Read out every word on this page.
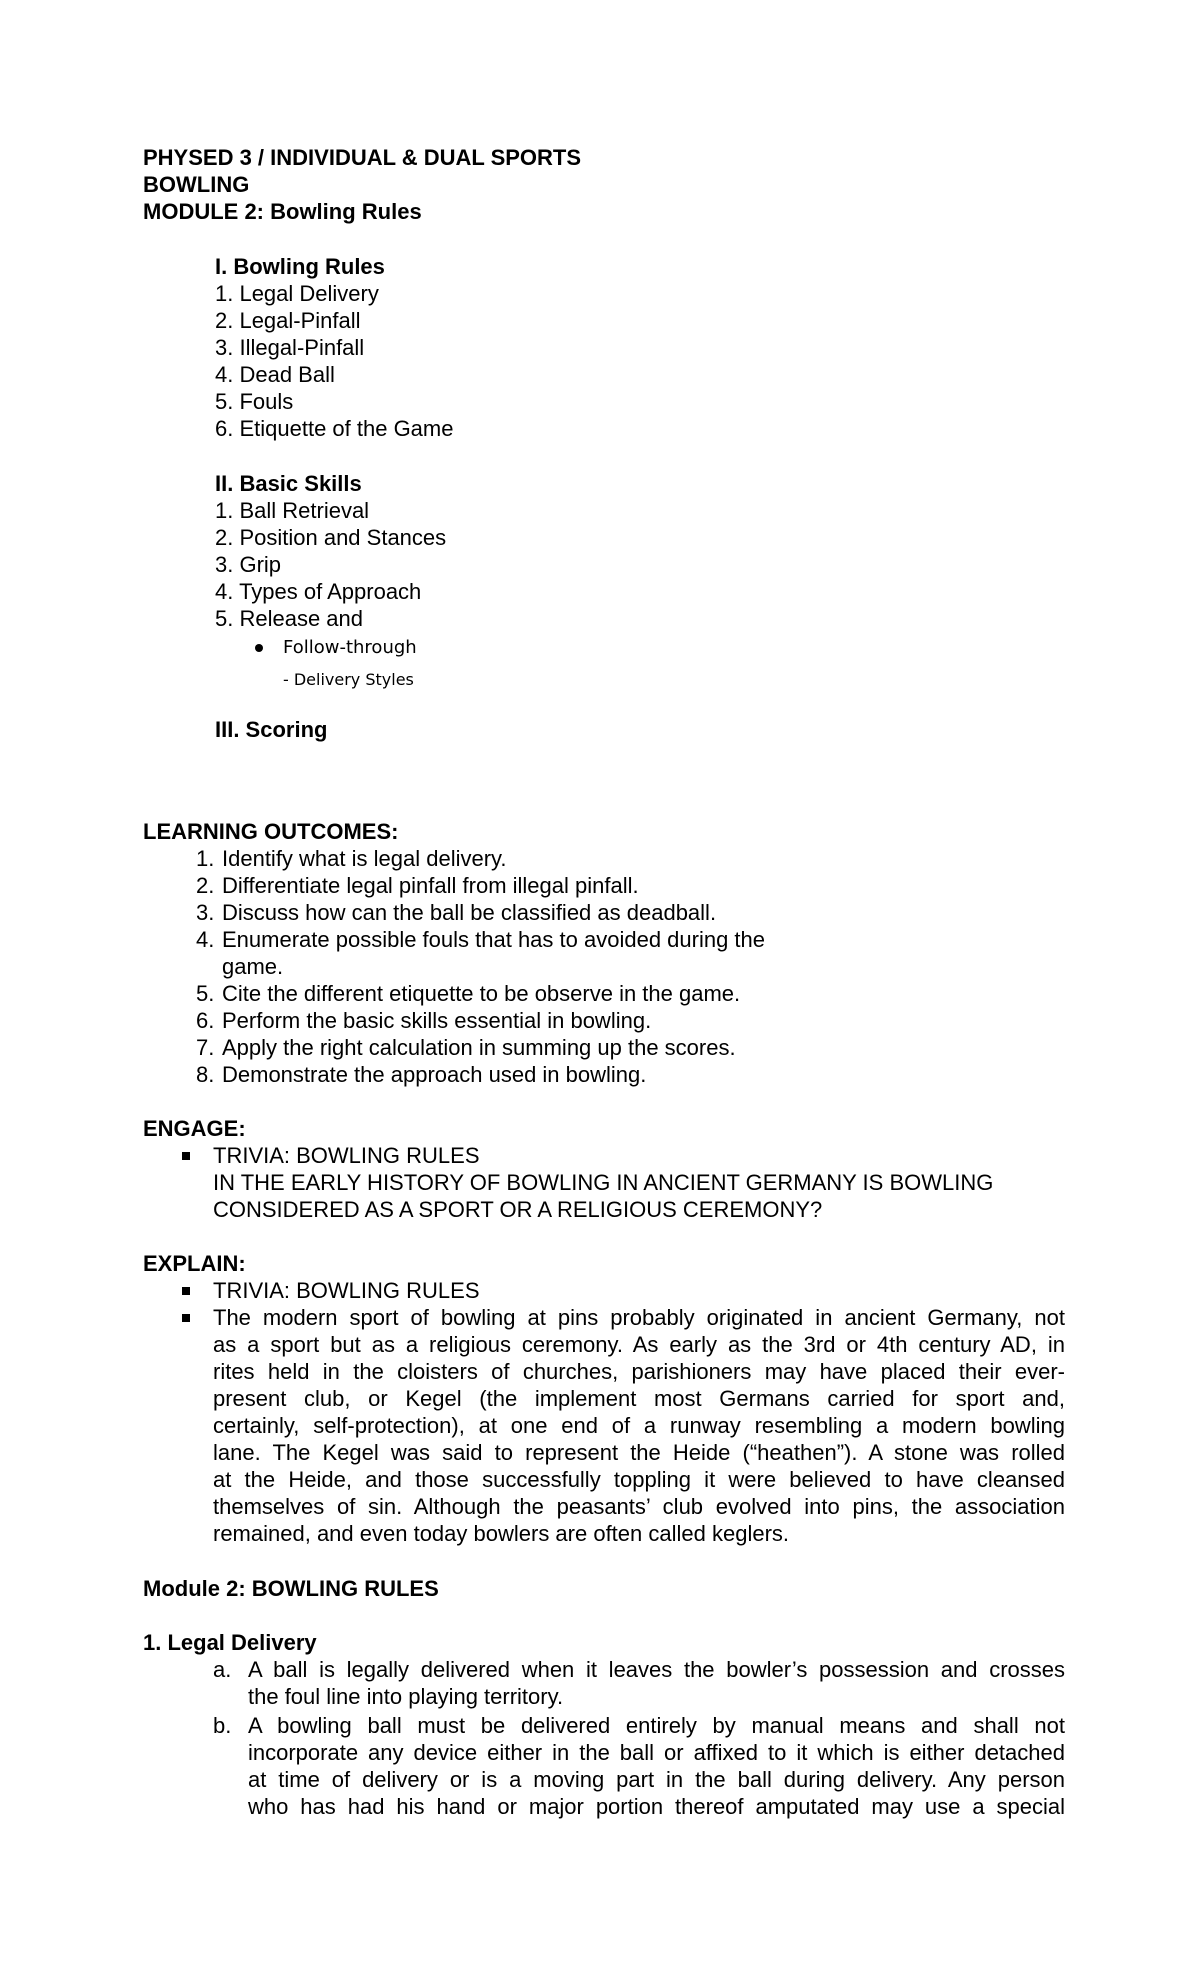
PHYSED 3 / INDIVIDUAL & DUAL SPORTS
BOWLING
MODULE 2: Bowling Rules
I. Bowling Rules
1. Legal Delivery
2. Legal-Pinfall
3. Illegal-Pinfall
4. Dead Ball
5. Fouls
6. Etiquette of the Game
II. Basic Skills
1. Ball Retrieval
2. Position and Stances
3. Grip
4. Types of Approach
5. Release and
Follow-through
- Delivery Styles
III. Scoring
LEARNING OUTCOMES:
1. Identify what is legal delivery.
2. Differentiate legal pinfall from illegal pinfall.
3. Discuss how can the ball be classified as deadball.
4. Enumerate possible fouls that has to avoided during the
game.
5. Cite the different etiquette to be observe in the game.
6. Perform the basic skills essential in bowling.
7. Apply the right calculation in summing up the scores.
8. Demonstrate the approach used in bowling.
ENGAGE:
TRIVIA: BOWLING RULES
IN THE EARLY HISTORY OF BOWLING IN ANCIENT GERMANY IS BOWLING
CONSIDERED AS A SPORT OR A RELIGIOUS CEREMONY?
EXPLAIN:
TRIVIA: BOWLING RULES
The modern sport of bowling at pins probably originated in ancient Germany, not
as a sport but as a religious ceremony. As early as the 3rd or 4th century AD, in
rites held in the cloisters of churches, parishioners may have placed their ever-
present club, or Kegel (the implement most Germans carried for sport and,
certainly, self-protection), at one end of a runway resembling a modern bowling
lane. The Kegel was said to represent the Heide (“heathen”). A stone was rolled
at the Heide, and those successfully toppling it were believed to have cleansed
themselves of sin. Although the peasants’ club evolved into pins, the association
remained, and even today bowlers are often called keglers.
Module 2: BOWLING RULES
1. Legal Delivery
a. A ball is legally delivered when it leaves the bowler’s possession and crosses
the foul line into playing territory.
b. A bowling ball must be delivered entirely by manual means and shall not
incorporate any device either in the ball or affixed to it which is either detached
at time of delivery or is a moving part in the ball during delivery. Any person
who has had his hand or major portion thereof amputated may use a special
